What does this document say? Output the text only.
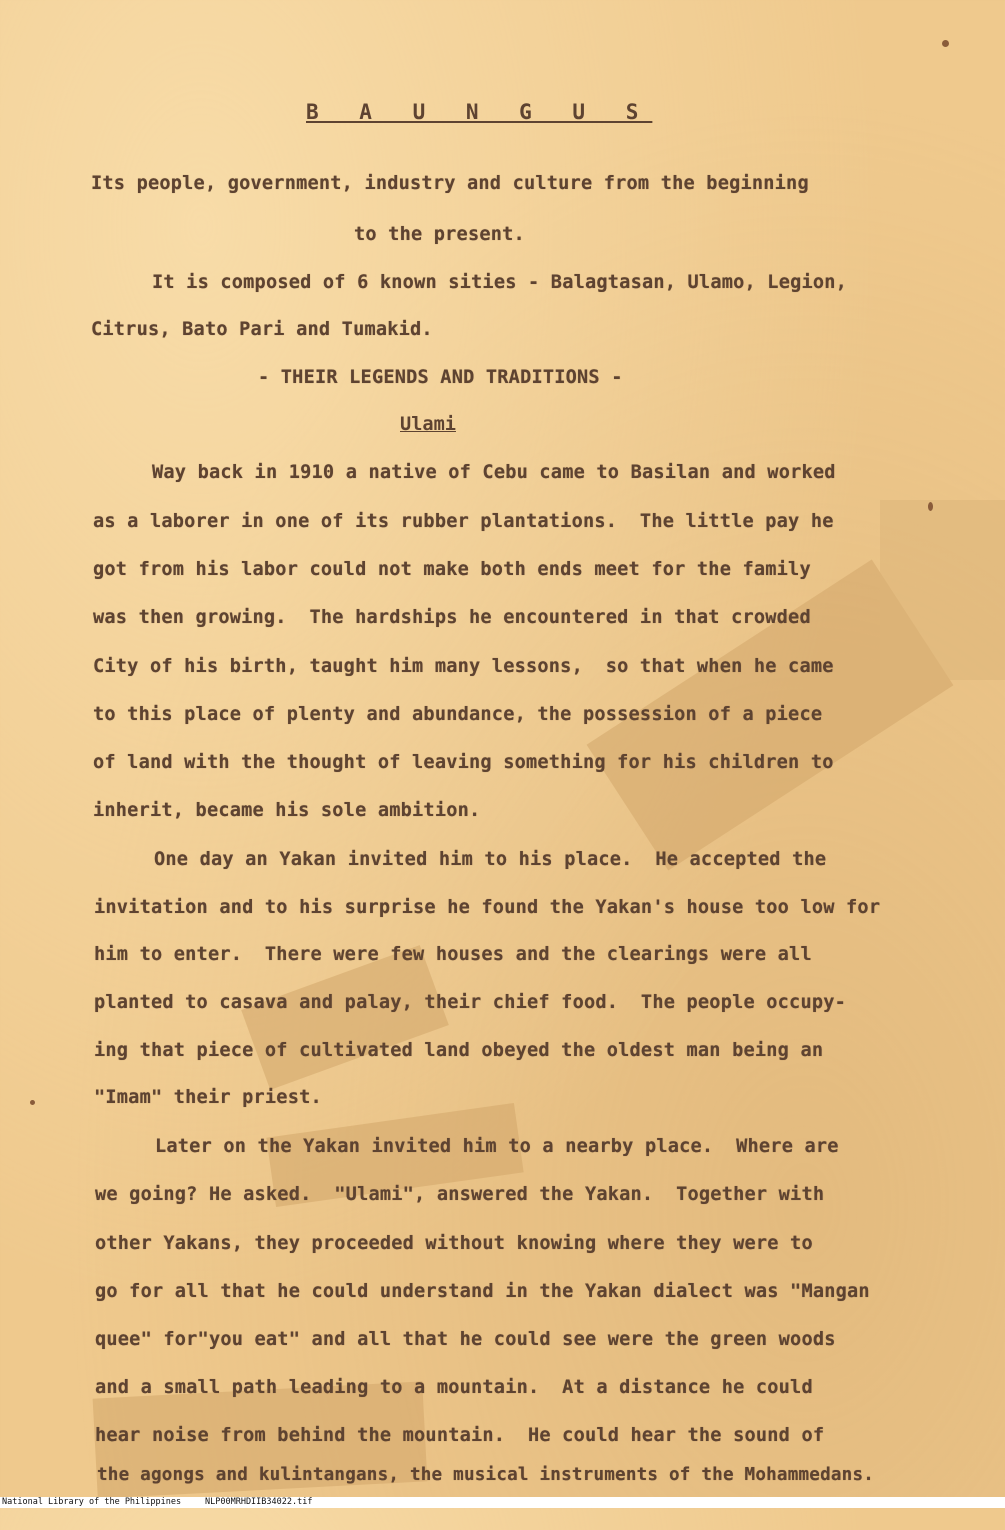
B A U N G U S
Its people, government, industry and culture from the beginning
to the present.
It is composed of 6 known sities - Balagtasan, Ulamo, Legion,
Citrus, Bato Pari and Tumakid.
- THEIR LEGENDS AND TRADITIONS -
Ulami
Way back in 1910 a native of Cebu came to Basilan and worked
as a laborer in one of its rubber plantations.  The little pay he
got from his labor could not make both ends meet for the family
was then growing.  The hardships he encountered in that crowded
City of his birth, taught him many lessons,  so that when he came
to this place of plenty and abundance, the possession of a piece
of land with the thought of leaving something for his children to
inherit, became his sole ambition.
One day an Yakan invited him to his place.  He accepted the
invitation and to his surprise he found the Yakan's house too low for
him to enter.  There were few houses and the clearings were all
planted to casava and palay, their chief food.  The people occupy-
ing that piece of cultivated land obeyed the oldest man being an
"Imam" their priest.
Later on the Yakan invited him to a nearby place.  Where are
we going? He asked.  "Ulami", answered the Yakan.  Together with
other Yakans, they proceeded without knowing where they were to
go for all that he could understand in the Yakan dialect was "Mangan
quee" for"you eat" and all that he could see were the green woods
and a small path leading to a mountain.  At a distance he could
hear noise from behind the mountain.  He could hear the sound of
the agongs and kulintangans, the musical instruments of the Mohammedans.

National Library of the Philippines

	NLP00MRHDIIB34022.tif
